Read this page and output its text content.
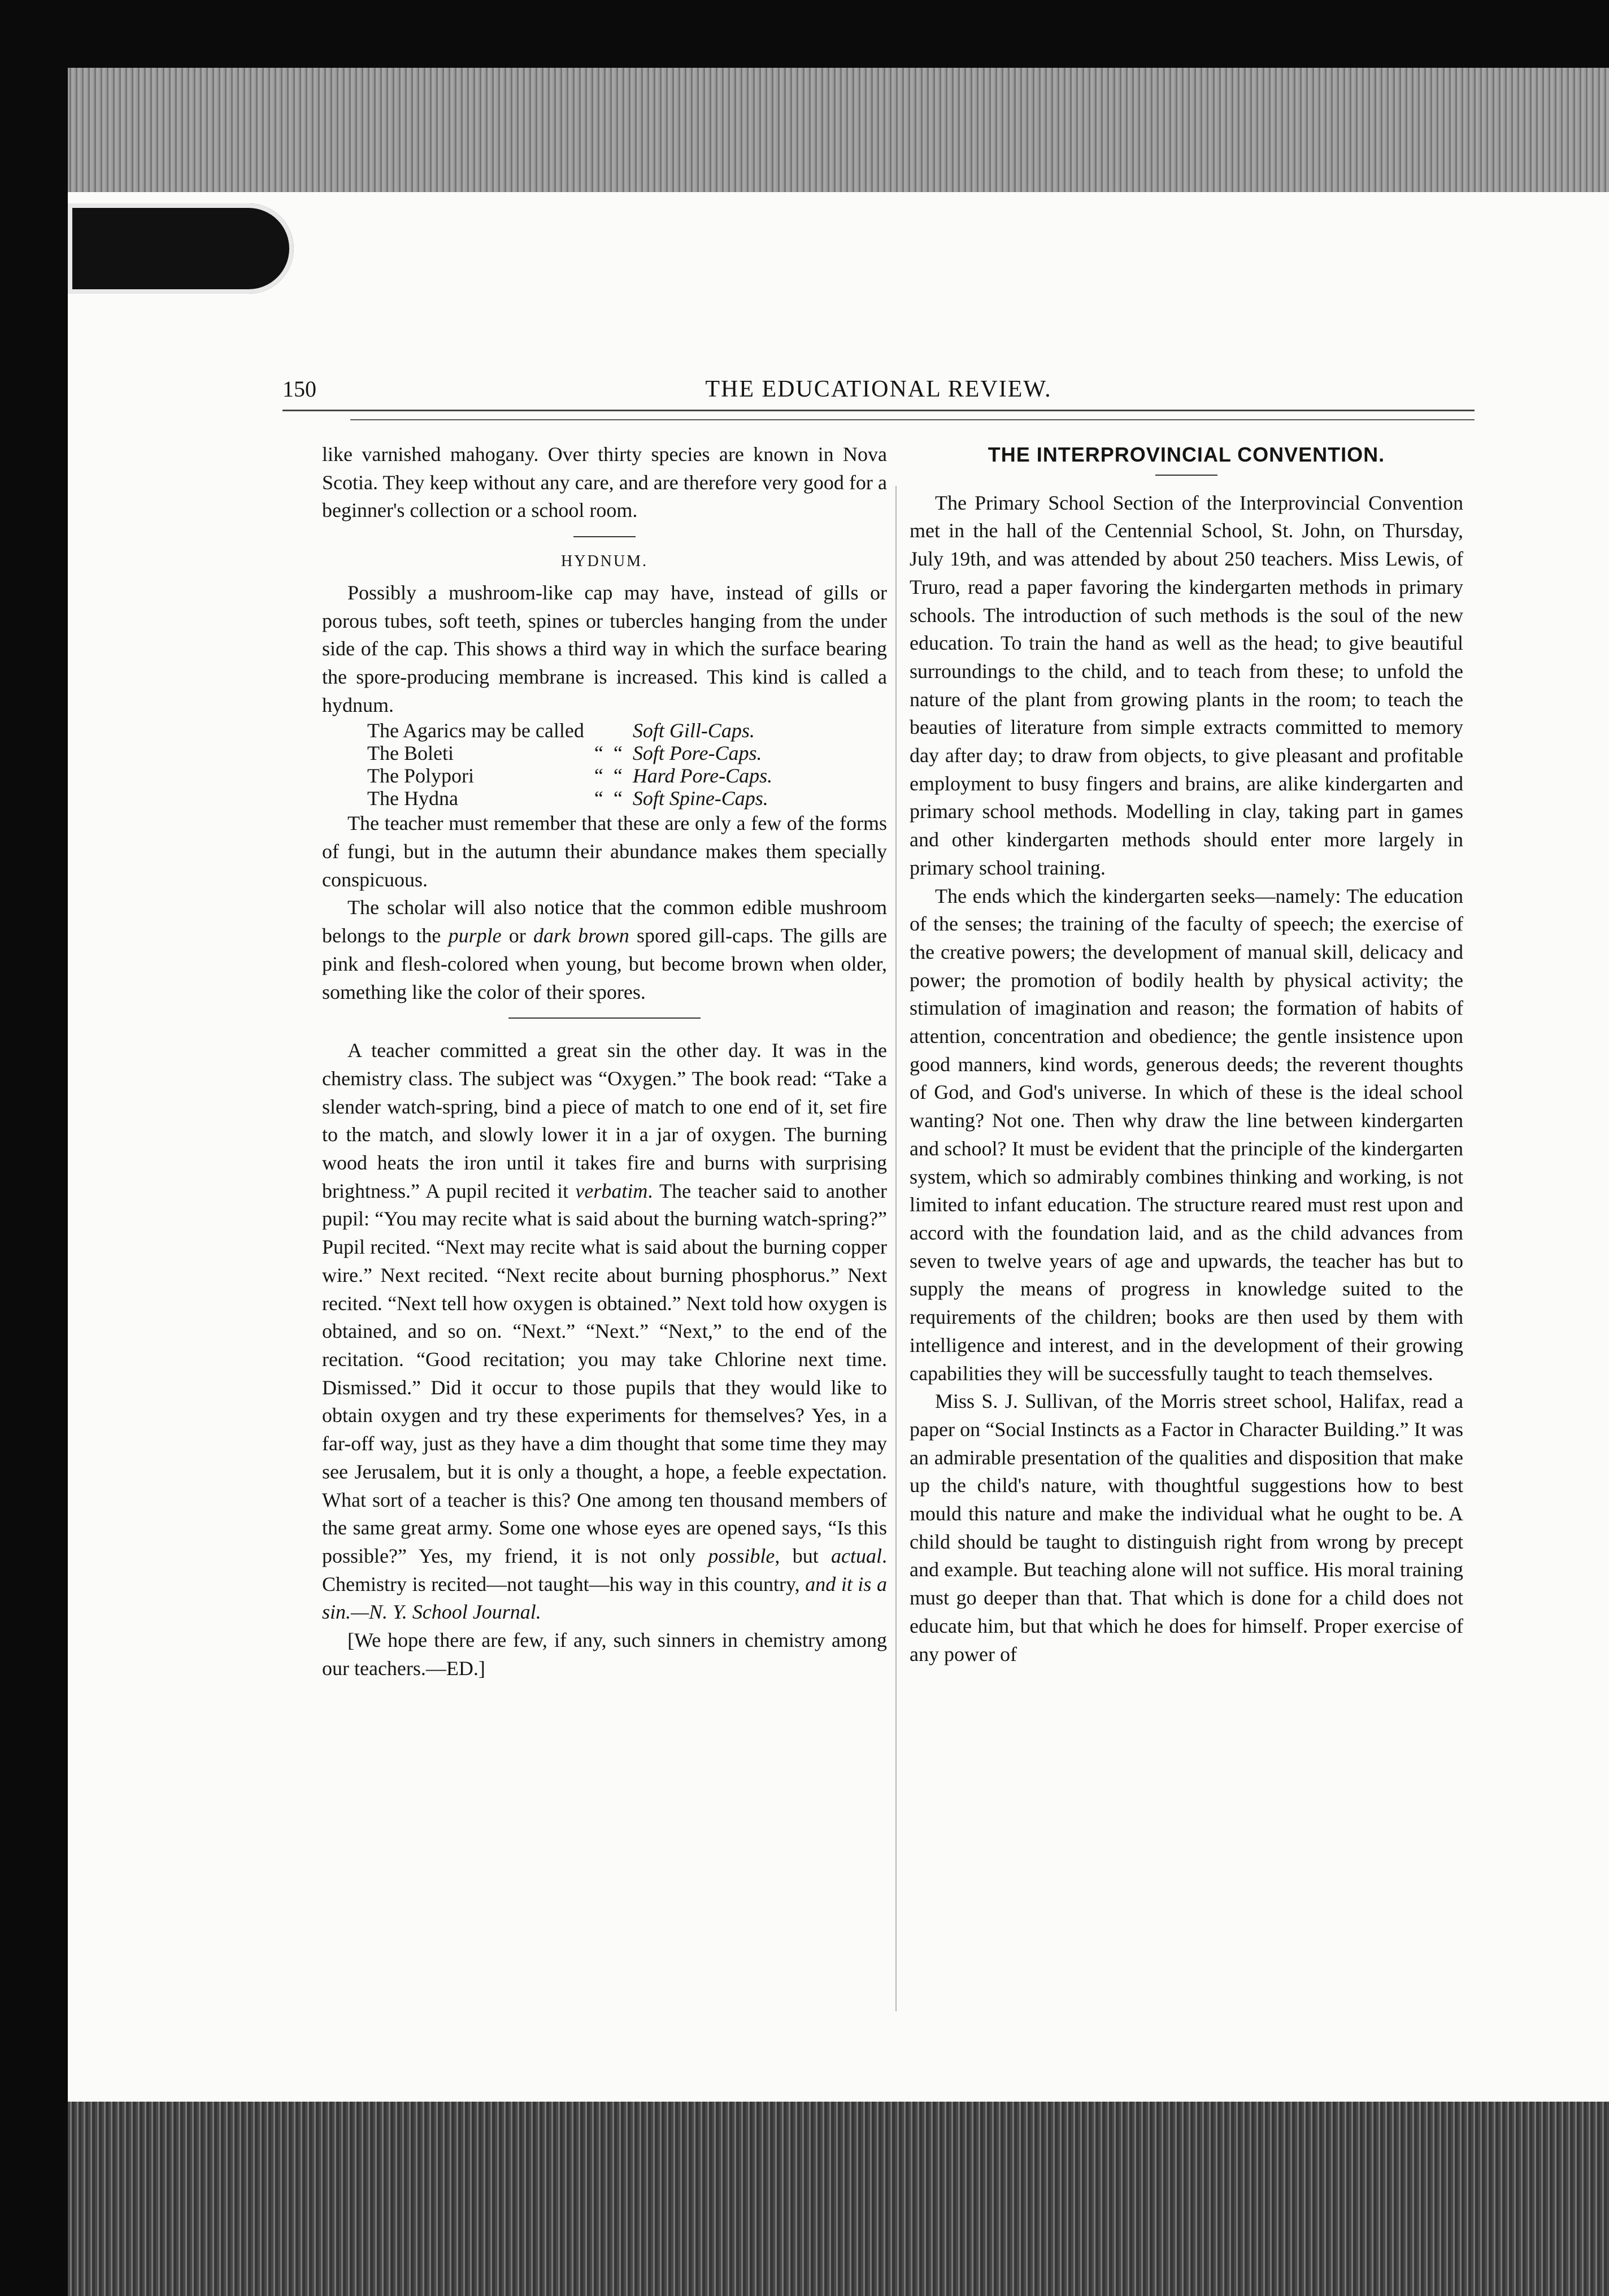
150	THE EDUCATIONAL REVIEW.

like varnished mahogany. Over thirty species are known in Nova Scotia. They keep without any care, and are therefore very good for a beginner's collection or a school room.

HYDNUM.

Possibly a mushroom-like cap may have, instead of gills or porous tubes, soft teeth, spines or tubercles hanging from the under side of the cap. This shows a third way in which the surface bearing the spore-producing membrane is increased. This kind is called a hydnum.

The Agarics may be called			Soft Gill-Caps.
The Boleti	“	“	Soft Pore-Caps.
The Polypori	“	“	Hard Pore-Caps.
The Hydna	“	“	Soft Spine-Caps.

The teacher must remember that these are only a few of the forms of fungi, but in the autumn their abundance makes them specially conspicuous.

The scholar will also notice that the common edible mushroom belongs to the purple or dark brown spored gill-caps. The gills are pink and flesh-colored when young, but become brown when older, something like the color of their spores.

A teacher committed a great sin the other day. It was in the chemistry class. The subject was “Oxygen.” The book read: “Take a slender watch-spring, bind a piece of match to one end of it, set fire to the match, and slowly lower it in a jar of oxygen. The burning wood heats the iron until it takes fire and burns with surprising brightness.” A pupil recited it verbatim. The teacher said to another pupil: “You may recite what is said about the burning watch-spring?” Pupil recited. “Next may recite what is said about the burning copper wire.” Next recited. “Next recite about burning phosphorus.” Next recited. “Next tell how oxygen is obtained.” Next told how oxygen is obtained, and so on. “Next.” “Next.” “Next,” to the end of the recitation. “Good recitation; you may take Chlorine next time. Dismissed.” Did it occur to those pupils that they would like to obtain oxygen and try these experiments for themselves? Yes, in a far-off way, just as they have a dim thought that some time they may see Jerusalem, but it is only a thought, a hope, a feeble expectation. What sort of a teacher is this? One among ten thousand members of the same great army. Some one whose eyes are opened says, “Is this possible?” Yes, my friend, it is not only possible, but actual. Chemistry is recited—not taught—his way in this country, and it is a sin.—N. Y. School Journal.

[We hope there are few, if any, such sinners in chemistry among our teachers.—ED.]

THE INTERPROVINCIAL CONVENTION.

The Primary School Section of the Interprovincial Convention met in the hall of the Centennial School, St. John, on Thursday, July 19th, and was attended by about 250 teachers. Miss Lewis, of Truro, read a paper favoring the kindergarten methods in primary schools. The introduction of such methods is the soul of the new education. To train the hand as well as the head; to give beautiful surroundings to the child, and to teach from these; to unfold the nature of the plant from growing plants in the room; to teach the beauties of literature from simple extracts committed to memory day after day; to draw from objects, to give pleasant and profitable employment to busy fingers and brains, are alike kindergarten and primary school methods. Modelling in clay, taking part in games and other kindergarten methods should enter more largely in primary school training.

The ends which the kindergarten seeks—namely: The education of the senses; the training of the faculty of speech; the exercise of the creative powers; the development of manual skill, delicacy and power; the promotion of bodily health by physical activity; the stimulation of imagination and reason; the formation of habits of attention, concentration and obedience; the gentle insistence upon good manners, kind words, generous deeds; the reverent thoughts of God, and God's universe. In which of these is the ideal school wanting? Not one. Then why draw the line between kindergarten and school? It must be evident that the principle of the kindergarten system, which so admirably combines thinking and working, is not limited to infant education. The structure reared must rest upon and accord with the foundation laid, and as the child advances from seven to twelve years of age and upwards, the teacher has but to supply the means of progress in knowledge suited to the requirements of the children; books are then used by them with intelligence and interest, and in the development of their growing capabilities they will be successfully taught to teach themselves.

Miss S. J. Sullivan, of the Morris street school, Halifax, read a paper on “Social Instincts as a Factor in Character Building.” It was an admirable presentation of the qualities and disposition that make up the child's nature, with thoughtful suggestions how to best mould this nature and make the individual what he ought to be. A child should be taught to distinguish right from wrong by precept and example. But teaching alone will not suffice. His moral training must go deeper than that. That which is done for a child does not educate him, but that which he does for himself. Proper exercise of any power of
